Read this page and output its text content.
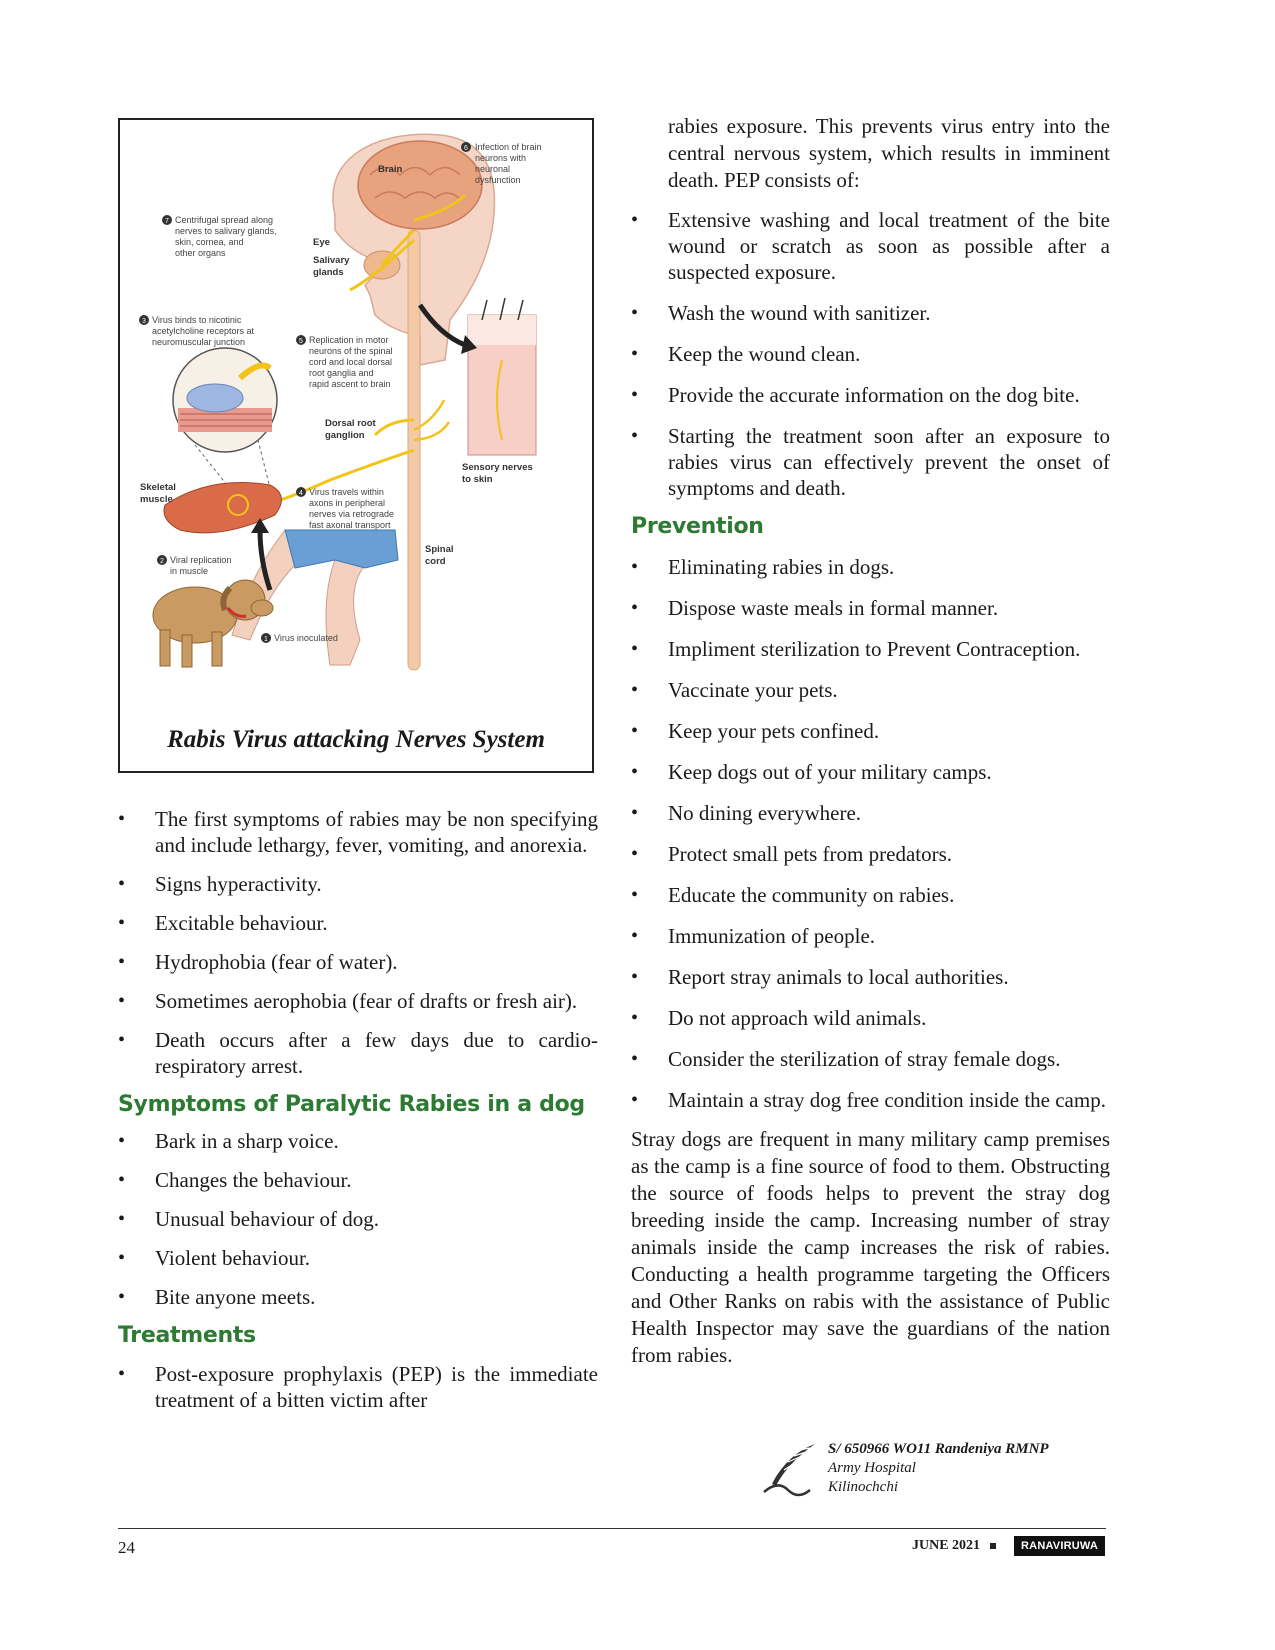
Brain
Eye
Salivary
glands
Dorsal root
ganglion
Skeletal
muscle
Sensory nerves
to skin
Spinal
cord
6 Infection of brain
neurons with
neuronal
dysfunction
7 Centrifugal spread along
nerves to salivary glands,
skin, cornea, and
other organs
3 Virus binds to nicotinic
acetylcholine receptors at
neuromuscular junction	5 Replication in motor
neurons of the spinal
cord and local dorsal
root ganglia and
rapid ascent to brain
4 Virus travels within
axons in peripheral
nerves via retrograde
fast axonal transport
2 Viral replication
in muscle
1 Virus inoculated
Rabis Virus attacking Nerves System
• The first symptoms of rabies may be non specifying and include lethargy, fever, vomiting, and anorexia.
• Signs hyperactivity.
• Excitable behaviour.
• Hydrophobia (fear of water).
• Sometimes aerophobia (fear of drafts or fresh air).
• Death occurs after a few days due to cardio-respiratory arrest.
Symptoms of Paralytic Rabies in a dog
• Bark in a sharp voice.
• Changes the behaviour.
• Unusual behaviour of dog.
• Violent behaviour.
• Bite anyone meets.
Treatments
• Post-exposure prophylaxis (PEP) is the immediate treatment of a bitten victim after

rabies exposure. This prevents virus entry into the central nervous system, which results in imminent death. PEP consists of:

• Extensive washing and local treatment of the bite wound or scratch as soon as possible after a suspected exposure.
• Wash the wound with sanitizer.
• Keep the wound clean.
• Provide the accurate information on the dog bite.
• Starting the treatment soon after an exposure to rabies virus can effectively prevent the onset of symptoms and death.
Prevention
• Eliminating rabies in dogs.
• Dispose waste meals in formal manner.
• Impliment sterilization to Prevent Contraception.
• Vaccinate your pets.
• Keep your pets confined.
• Keep dogs out of your military camps.
• No dining everywhere.
• Protect small pets from predators.
• Educate the community on rabies.
• Immunization of people.
• Report stray animals to local authorities.
• Do not approach wild animals.
• Consider the sterilization of stray female dogs.
• Maintain a stray dog free condition inside the camp.

Stray dogs are frequent in many military camp premises as the camp is a fine source of food to them. Obstructing the source of foods helps to prevent the stray dog breeding inside the camp. Increasing number of stray animals inside the camp increases the risk of rabies. Conducting a health programme targeting the Officers and Other Ranks on rabis with the assistance of Public Health Inspector may save the guardians of the nation from rabies.

S/ 650966 WO11 Randeniya RMNP
Army Hospital
Kilinochchi
24	JUNE 2021	RANAVIRUWA
